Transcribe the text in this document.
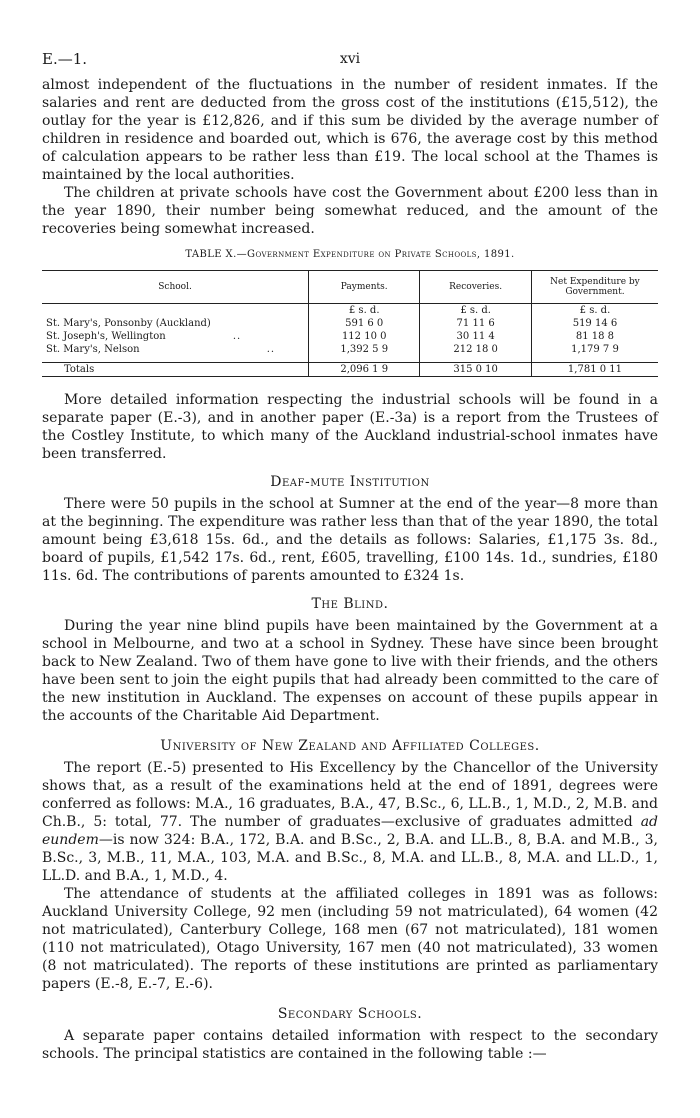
E.—1.	xvi

almost independent of the fluctuations in the number of resident inmates. If the salaries and rent are deducted from the gross cost of the institutions (£15,512), the outlay for the year is £12,826, and if this sum be divided by the average number of children in residence and boarded out, which is 676, the average cost by this method of calculation appears to be rather less than £19. The local school at the Thames is maintained by the local authorities.

The children at private schools have cost the Government about £200 less than in the year 1890, their number being somewhat reduced, and the amount of the recoveries being somewhat increased.

TABLE X.—Government Expenditure on Private Schools, 1891.
School.	Payments.	Recoveries.	Net Expenditure by Government.
	£ s. d.	£ s. d.	£ s. d.
St. Mary's, Ponsonby (Auckland)	591 6 0	71 11 6	519 14 6
St. Joseph's, Wellington ..	112 10 0	30 11 4	81 18 8
St. Mary's, Nelson ..	1,392 5 9	212 18 0	1,179 7 9
Totals	2,096 1 9	315 0 10	1,781 0 11

More detailed information respecting the industrial schools will be found in a separate paper (E.-3), and in another paper (E.-3a) is a report from the Trustees of the Costley Institute, to which many of the Auckland industrial-school inmates have been transferred.

Deaf-mute Institution

There were 50 pupils in the school at Sumner at the end of the year—8 more than at the beginning. The expenditure was rather less than that of the year 1890, the total amount being £3,618 15s. 6d., and the details as follows: Salaries, £1,175 3s. 8d., board of pupils, £1,542 17s. 6d., rent, £605, travelling, £100 14s. 1d., sundries, £180 11s. 6d. The contributions of parents amounted to £324 1s.

The Blind.

During the year nine blind pupils have been maintained by the Government at a school in Melbourne, and two at a school in Sydney. These have since been brought back to New Zealand. Two of them have gone to live with their friends, and the others have been sent to join the eight pupils that had already been committed to the care of the new institution in Auckland. The expenses on account of these pupils appear in the accounts of the Charitable Aid Department.

University of New Zealand and Affiliated Colleges.

The report (E.-5) presented to His Excellency by the Chancellor of the University shows that, as a result of the examinations held at the end of 1891, degrees were conferred as follows: M.A., 16 graduates, B.A., 47, B.Sc., 6, LL.B., 1, M.D., 2, M.B. and Ch.B., 5: total, 77. The number of graduates—exclusive of graduates admitted ad eundem—is now 324: B.A., 172, B.A. and B.Sc., 2, B.A. and LL.B., 8, B.A. and M.B., 3, B.Sc., 3, M.B., 11, M.A., 103, M.A. and B.Sc., 8, M.A. and LL.B., 8, M.A. and LL.D., 1, LL.D. and B.A., 1, M.D., 4.

The attendance of students at the affiliated colleges in 1891 was as follows: Auckland University College, 92 men (including 59 not matriculated), 64 women (42 not matriculated), Canterbury College, 168 men (67 not matriculated), 181 women (110 not matriculated), Otago University, 167 men (40 not matriculated), 33 women (8 not matriculated). The reports of these institutions are printed as parliamentary papers (E.-8, E.-7, E.-6).

Secondary Schools.

A separate paper contains detailed information with respect to the secondary schools. The principal statistics are contained in the following table :—
